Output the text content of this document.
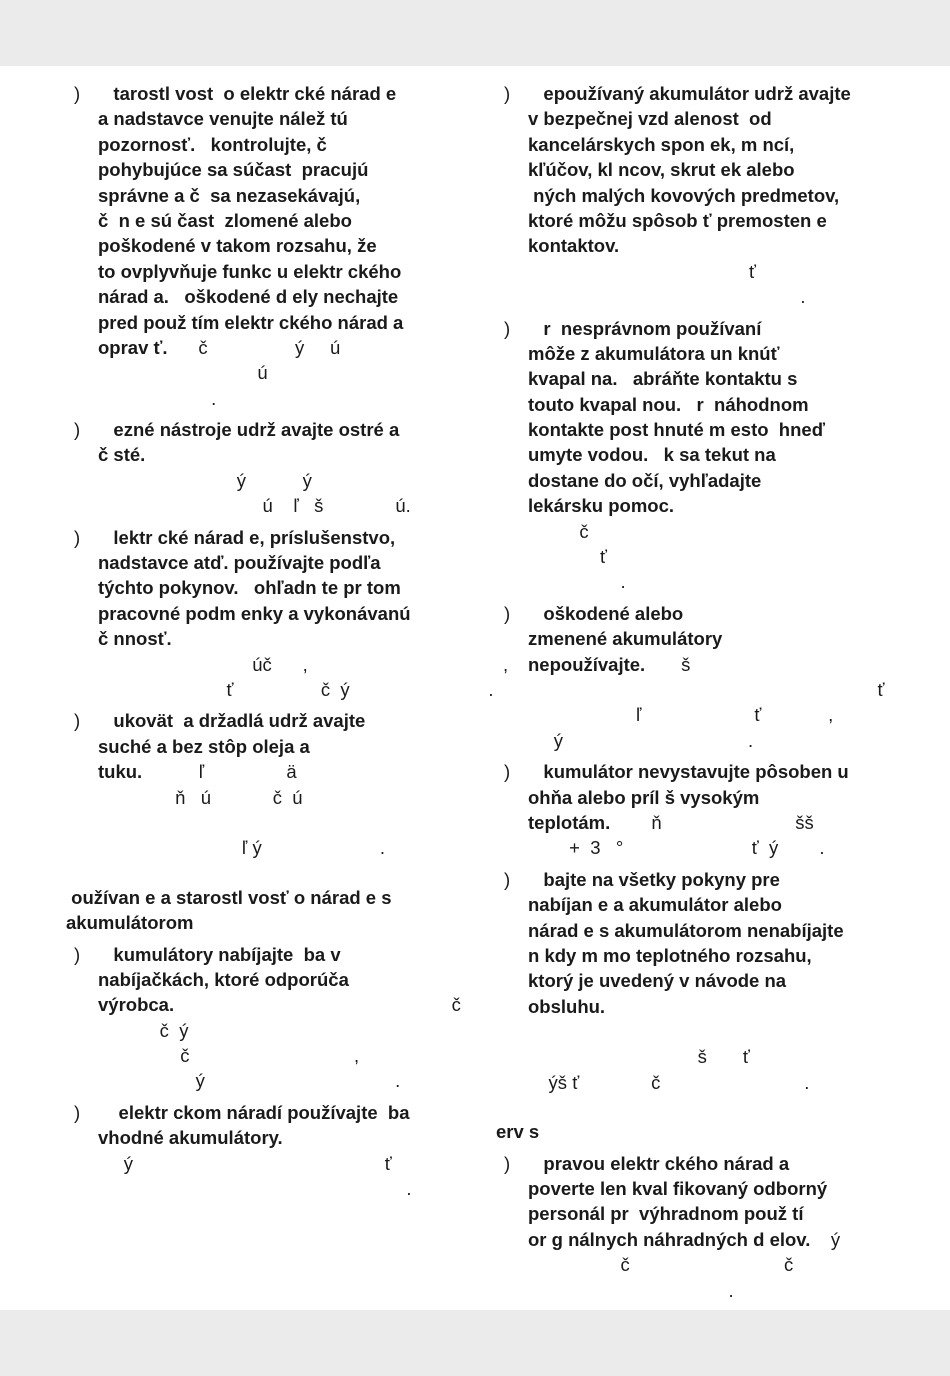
) tarostl vost  o elektr cké nárad e
a nadstavce venujte nálež tú
pozornosť.   kontrolujte, č
pohybujúce sa súčast  pracujú
správne a č  sa nezasekávajú,
č  n e sú čast  zlomené alebo
poškodené v takom rozsahu, že
to ovplyvňuje funkc u elektr ckého
nárad a.   oškodené d ely nechajte
pred použ tím elektr ckého nárad a
oprav ť.      č                 ý     ú
ú
.
) ezné nástroje udrž avajte ostré a
č sté.
ý           ý
ú    ľ   š              ú.
) lektr cké nárad e, príslušenstvo,
nadstavce atď. používajte podľa
týchto pokynov.   ohľadn te pr tom
pracovné podm enky a vykonávanú
č nnosť.
úč      ,                                      ,
ť                 č  ý                           .
) ukovät  a držadlá udrž avajte
suché a bez stôp oleja a
tuku.           ľ                ä
ň   ú            č  ú
ľ ý                       .
oužívan e a starostl vosť o nárad e s
akumulátorom
) kumulátory nabíjajte  ba v
nabíjačkách, ktoré odporúča
výrobca.                                                      č
č  ý
č                                ,
ý                                     .
) elektr ckom náradí používajte  ba
vhodné akumulátory.
ý                                                 ť
.
) epoužívaný akumulátor udrž avajte
v bezpečnej vzd alenost  od
kancelárskych spon ek, m ncí,
kľúčov, kl ncov, skrut ek alebo
ných malých kovových predmetov,
ktoré môžu spôsob ť premosten e
kontaktov.
ť
.
) r  nesprávnom používaní
môže z akumulátora un knúť
kvapal na.   abráňte kontaktu s
touto kvapal nou.   r  náhodnom
kontakte post hnuté m esto  hneď
umyte vodou.   k sa tekut na
dostane do očí, vyhľadajte
lekársku pomoc.
č
ť
.
) oškodené alebo
zmenené akumulátory
nepoužívajte.       š
ť
ľ                      ť             ,
ý                                    .
) kumulátor nevystavujte pôsoben u
ohňa alebo príl š vysokým
teplotám.        ň                          šš
+  3   °                         ť  ý        .
) bajte na všetky pokyny pre
nabíjan e a akumulátor alebo
nárad e s akumulátorom nenabíjajte
n kdy m mo teplotného rozsahu,
ktorý je uvedený v návode na
obsluhu.
š       ť
ýš ť              č                            .
erv s
) pravou elektr ckého nárad a
poverte len kval fikovaný odborný
personál pr  výhradnom použ tí
or g nálnych náhradných d elov.    ý
č                              č
.
